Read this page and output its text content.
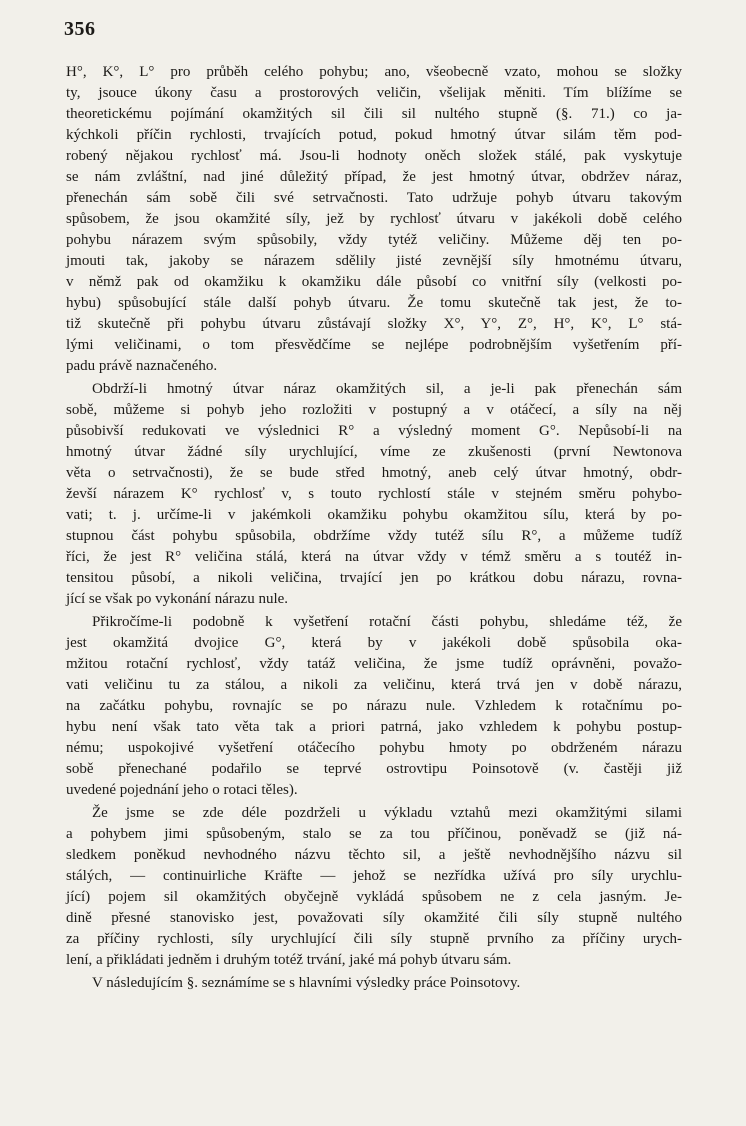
356
H°, K°, L° pro průběh celého pohybu; ano, všeobecně vzato, mohou se složky
ty, jsouce úkony času a prostorových veličin, všelijak měniti. Tím blížíme se
theoretickému pojímání okamžitých sil čili sil nultého stupně (§. 71.) co ja-
kýchkoli příčin rychlosti, trvajících potud, pokud hmotný útvar silám těm pod-
robený nějakou rychlosť má. Jsou-li hodnoty oněch složek stálé, pak vyskytuje
se nám zvláštní, nad jiné důležitý případ, že jest hmotný útvar, obdržev náraz,
přenechán sám sobě čili své setrvačnosti. Tato udržuje pohyb útvaru takovým
spůsobem, že jsou okamžité síly, jež by rychlosť útvaru v jakékoli době celého
pohybu nárazem svým spůsobily, vždy tytéž veličiny. Můžeme děj ten po-
jmouti tak, jakoby se nárazem sdělily jisté zevnější síly hmotnému útvaru,
v němž pak od okamžiku k okamžiku dále působí co vnitřní síly (velkosti po-
hybu) spůsobující stále další pohyb útvaru. Že tomu skutečně tak jest, že to-
tiž skutečně při pohybu útvaru zůstávají složky X°, Y°, Z°, H°, K°, L° stá-
lými veličinami, o tom přesvědčíme se nejlépe podrobnějším vyšetřením pří-
padu právě naznačeného.
Obdrží-li hmotný útvar náraz okamžitých sil, a je-li pak přenechán sám
sobě, můžeme si pohyb jeho rozložiti v postupný a v otáčecí, a síly na něj
působivší redukovati ve výslednici R° a výsledný moment G°. Nepůsobí-li na
hmotný útvar žádné síly urychlující, víme ze zkušenosti (první Newtonova
věta o setrvačnosti), že se bude střed hmotný, aneb celý útvar hmotný, obdr-
ževší nárazem K° rychlosť v, s touto rychlostí stále v stejném směru pohybo-
vati; t. j. určíme-li v jakémkoli okamžiku pohybu okamžitou sílu, která by po-
stupnou část pohybu spůsobila, obdržíme vždy tutéž sílu R°, a můžeme tudíž
říci, že jest R° veličina stálá, která na útvar vždy v témž směru a s toutéž in-
tensitou působí, a nikoli veličina, trvající jen po krátkou dobu nárazu, rovna-
jící se však po vykonání nárazu nule.
Přikročíme-li podobně k vyšetření rotační části pohybu, shledáme též, že
jest okamžitá dvojice G°, která by v jakékoli době spůsobila oka-
mžitou rotační rychlosť, vždy tatáž veličina, že jsme tudíž oprávněni, považo-
vati veličinu tu za stálou, a nikoli za veličinu, která trvá jen v době nárazu,
na začátku pohybu, rovnajíc se po nárazu nule. Vzhledem k rotačnímu po-
hybu není však tato věta tak a priori patrná, jako vzhledem k pohybu postup-
nému; uspokojivé vyšetření otáčecího pohybu hmoty po obdrženém nárazu
sobě přenechané podařilo se teprvé ostrovtipu Poinsotově (v. častěji již
uvedené pojednání jeho o rotaci těles).
Že jsme se zde déle pozdrželi u výkladu vztahů mezi okamžitými silami
a pohybem jimi spůsobeným, stalo se za tou příčinou, poněvadž se (již ná-
sledkem poněkud nevhodného názvu těchto sil, a ještě nevhodnějšího názvu sil
stálých, — continuirliche Kräfte — jehož se nezřídka užívá pro síly urychlu-
jící) pojem sil okamžitých obyčejně vykládá spůsobem ne z cela jasným. Je-
dině přesné stanovisko jest, považovati síly okamžité čili síly stupně nultého
za příčiny rychlosti, síly urychlující čili síly stupně prvního za příčiny urych-
lení, a přikládati jedněm i druhým totéž trvání, jaké má pohyb útvaru sám.
V následujícím §. seznámíme se s hlavními výsledky práce Poinsotovy.
